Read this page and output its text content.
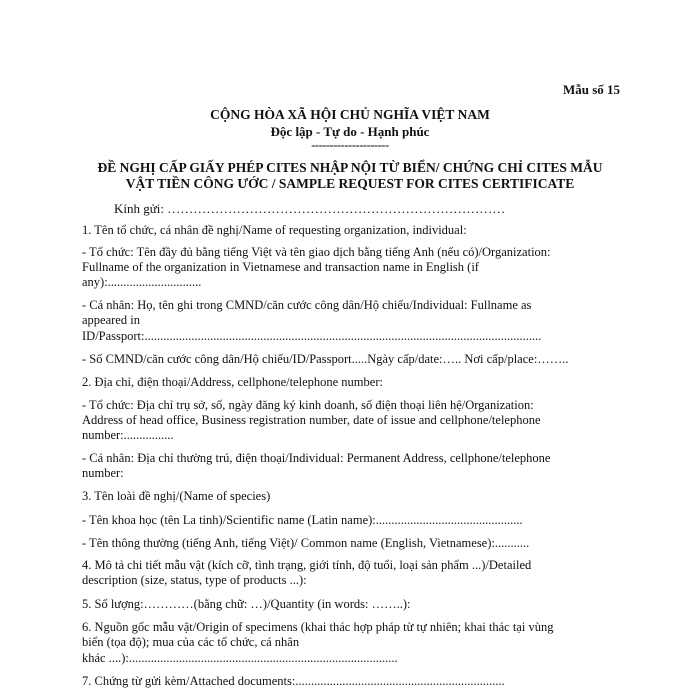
Mẫu số 15
CỘNG HÒA XÃ HỘI CHỦ NGHĨA VIỆT NAM
Độc lập - Tự do - Hạnh phúc
---------------------
ĐỀ NGHỊ CẤP GIẤY PHÉP CITES NHẬP NỘI TỪ BIỂN/ CHỨNG CHỈ CITES MẪU
VẬT TIỀN CÔNG ƯỚC / SAMPLE REQUEST FOR CITES CERTIFICATE
Kính gửi: ……………………………………………………………………
1. Tên tổ chức, cá nhân đề nghị/Name of requesting organization, individual:
- Tổ chức: Tên đầy đủ bằng tiếng Việt và tên giao dịch bằng tiếng Anh (nếu có)/Organization:
Fullname of the organization in Vietnamese and transaction name in English (if
any):..............................
- Cá nhân: Họ, tên ghi trong CMND/căn cước công dân/Hộ chiếu/Individual: Fullname as
appeared in
ID/Passport:...............................................................................................................................
- Số CMND/căn cước công dân/Hộ chiếu/ID/Passport.....Ngày cấp/date:….. Nơi cấp/place:……..
2. Địa chỉ, điện thoại/Address, cellphone/telephone number:
- Tổ chức: Địa chỉ trụ sở, số, ngày đăng ký kinh doanh, số điện thoại liên hệ/Organization:
Address of head office, Business registration number, date of issue and cellphone/telephone
number:................
- Cá nhân: Địa chỉ thường trú, điện thoại/Individual: Permanent Address, cellphone/telephone
number:
3. Tên loài đề nghị/(Name of species)
- Tên khoa học (tên La tinh)/Scientific name (Latin name):...............................................
- Tên thông thường (tiếng Anh, tiếng Việt)/ Common name (English, Vietnamese):...........
4. Mô tả chi tiết mẫu vật (kích cỡ, tình trạng, giới tính, độ tuổi, loại sản phẩm ...)/Detailed
description (size, status, type of products ...):
5. Số lượng:…………(bằng chữ: …)/Quantity (in words: ……..):
6. Nguồn gốc mẫu vật/Origin of specimens (khai thác hợp pháp từ tự nhiên; khai thác tại vùng
biển (tọa độ); mua của các tổ chức, cá nhân
khác ....):......................................................................................
7. Chứng từ gửi kèm/Attached documents:...................................................................
